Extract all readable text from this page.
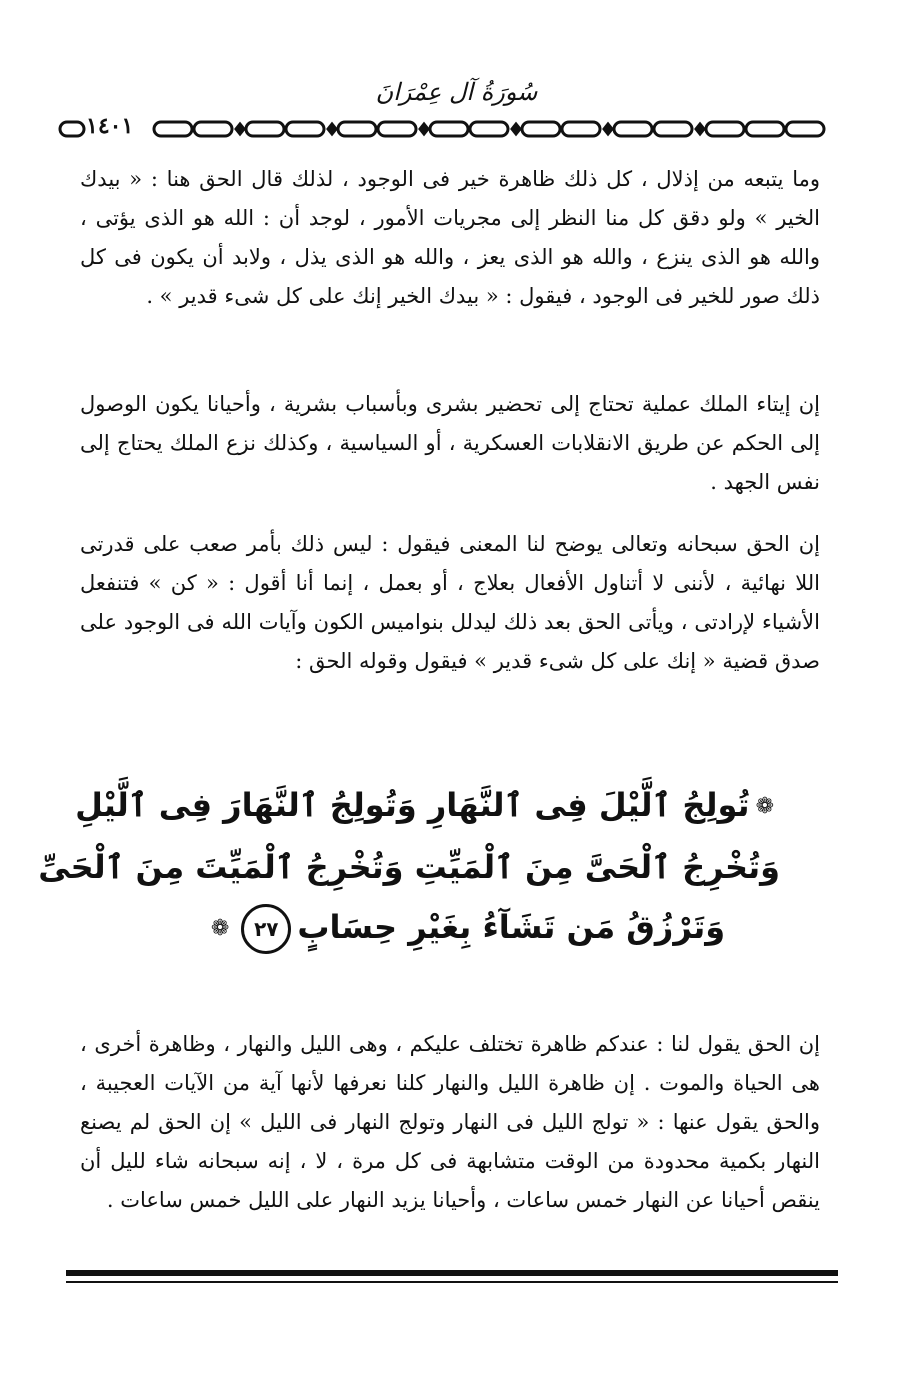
سُورَةُ آل عِمْرَانَ
١٤٠١

وما يتبعه من إذلال ، كل ذلك ظاهرة خير فى الوجود ، لذلك قال الحق هنا : « بيدك الخير » ولو دقق كل منا النظر إلى مجريات الأمور ، لوجد أن : الله هو الذى يؤتى ، والله هو الذى ينزع ، والله هو الذى يعز ، والله هو الذى يذل ، ولابد أن يكون فى كل ذلك صور للخير فى الوجود ، فيقول : « بيدك الخير إنك على كل شىء قدير » .

إن إيتاء الملك عملية تحتاج إلى تحضير بشرى وبأسباب بشرية ، وأحيانا يكون الوصول إلى الحكم عن طريق الانقلابات العسكرية ، أو السياسية ، وكذلك نزع الملك يحتاج إلى نفس الجهد .

إن الحق سبحانه وتعالى يوضح لنا المعنى فيقول : ليس ذلك بأمر صعب على قدرتى اللا نهائية ، لأننى لا أتناول الأفعال بعلاج ، أو بعمل ، إنما أنا أقول : « كن » فتنفعل الأشياء لإرادتى ، ويأتى الحق بعد ذلك ليدلل بنواميس الكون وآيات الله فى الوجود على صدق قضية « إنك على كل شىء قدير » فيقول وقوله الحق :

❁تُولِجُ ٱلَّيْلَ فِى ٱلنَّهَارِ وَتُولِجُ ٱلنَّهَارَ فِى ٱلَّيْلِ
وَتُخْرِجُ ٱلْحَىَّ مِنَ ٱلْمَيِّتِ وَتُخْرِجُ ٱلْمَيِّتَ مِنَ ٱلْحَىِّ
وَتَرْزُقُ مَن تَشَآءُ بِغَيْرِ حِسَابٍ٢٧❁

إن الحق يقول لنا : عندكم ظاهرة تختلف عليكم ، وهى الليل والنهار ، وظاهرة أخرى ، هى الحياة والموت . إن ظاهرة الليل والنهار كلنا نعرفها لأنها آية من الآيات العجيبة ، والحق يقول عنها : « تولج الليل فى النهار وتولج النهار فى الليل » إن الحق لم يصنع النهار بكمية محدودة من الوقت متشابهة فى كل مرة ، لا ، إنه سبحانه شاء لليل أن ينقص أحيانا عن النهار خمس ساعات ، وأحيانا يزيد النهار على الليل خمس ساعات .
